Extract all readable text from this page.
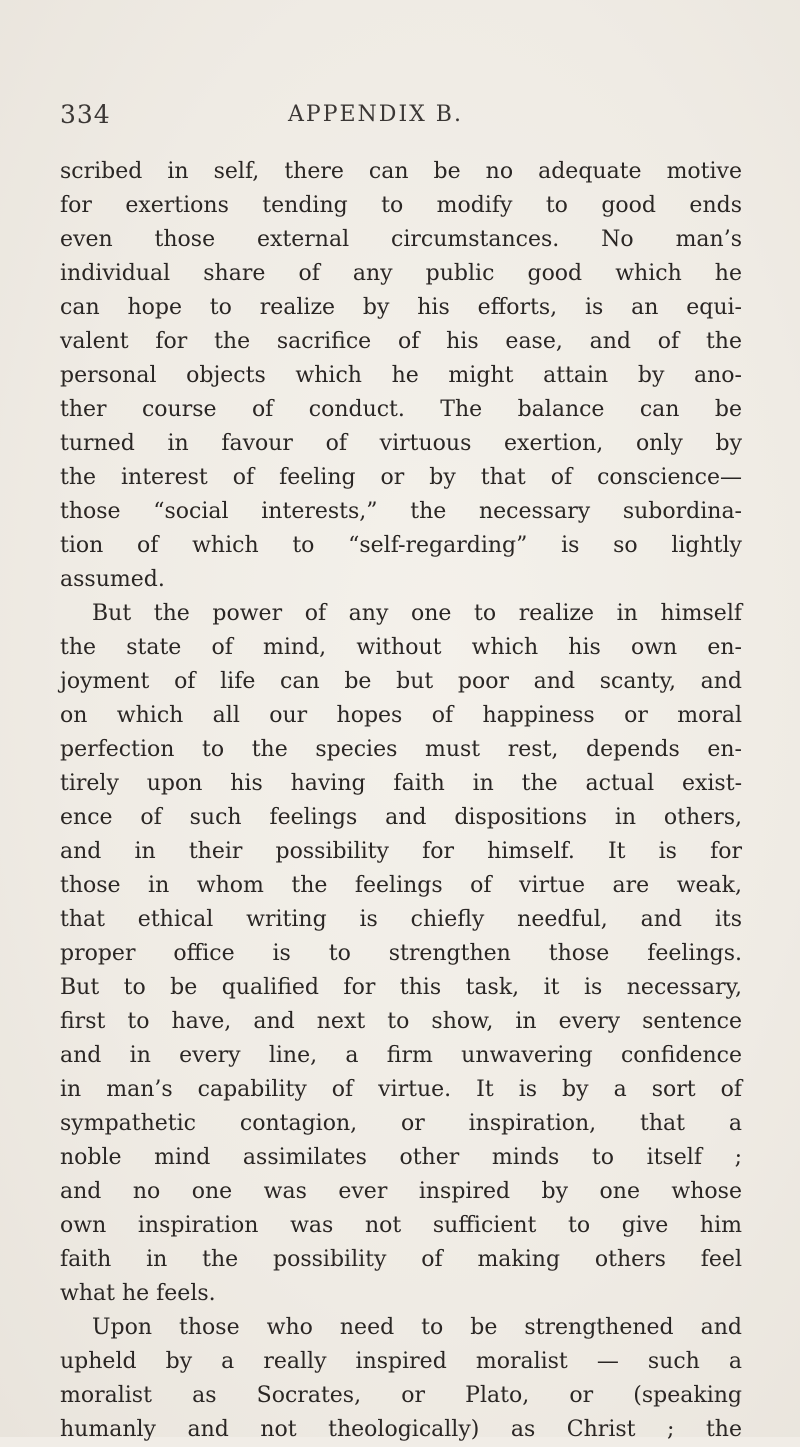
334	APPENDIX B.
scribed in self, there can be no adequate motive
for exertions tending to modify to good ends
even those external circumstances. No man’s
individual share of any public good which he
can hope to realize by his efforts, is an equi-
valent for the sacrifice of his ease, and of the
personal objects which he might attain by ano-
ther course of conduct. The balance can be
turned in favour of virtuous exertion, only by
the interest of feeling or by that of conscience—
those “social interests,” the necessary subordina-
tion of which to “self-regarding” is so lightly
assumed.
But the power of any one to realize in himself
the state of mind, without which his own en-
joyment of life can be but poor and scanty, and
on which all our hopes of happiness or moral
perfection to the species must rest, depends en-
tirely upon his having faith in the actual exist-
ence of such feelings and dispositions in others,
and in their possibility for himself. It is for
those in whom the feelings of virtue are weak,
that ethical writing is chiefly needful, and its
proper office is to strengthen those feelings.
But to be qualified for this task, it is necessary,
first to have, and next to show, in every sentence
and in every line, a firm unwavering confidence
in man’s capability of virtue. It is by a sort of
sympathetic contagion, or inspiration, that a
noble mind assimilates other minds to itself ;
and no one was ever inspired by one whose
own inspiration was not sufficient to give him
faith in the possibility of making others feel
what he feels.
Upon those who need to be strengthened and
upheld by a really inspired moralist — such a
moralist as Socrates, or Plato, or (speaking
humanly and not theologically) as Christ ; the
